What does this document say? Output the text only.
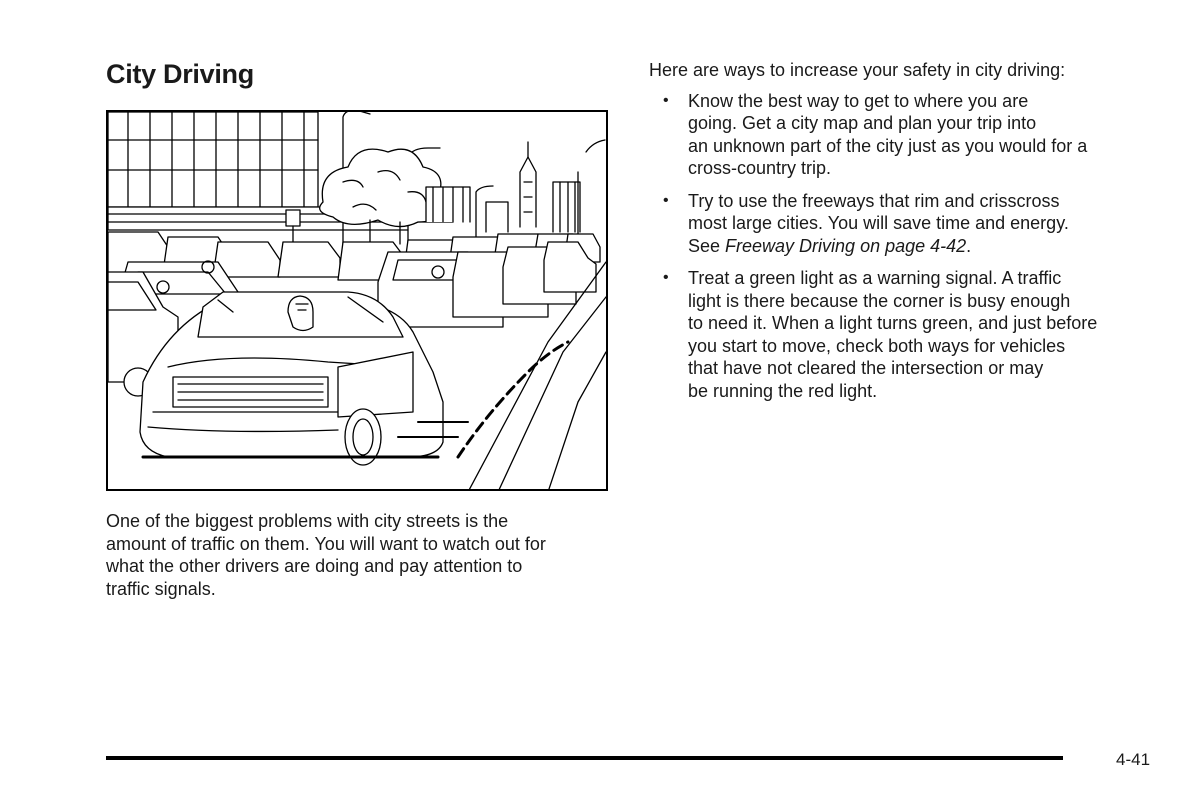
City Driving

One of the biggest problems with city streets is the
amount of traffic on them. You will want to watch out for
what the other drivers are doing and pay attention to
traffic signals.

Here are ways to increase your safety in city driving:

• Know the best way to get to where you are
going. Get a city map and plan your trip into
an unknown part of the city just as you would for a
cross-country trip.
• Try to use the freeways that rim and crisscross
most large cities. You will save time and energy.
See Freeway Driving on page 4-42.
• Treat a green light as a warning signal. A traffic
light is there because the corner is busy enough
to need it. When a light turns green, and just before
you start to move, check both ways for vehicles
that have not cleared the intersection or may
be running the red light.
4-41
